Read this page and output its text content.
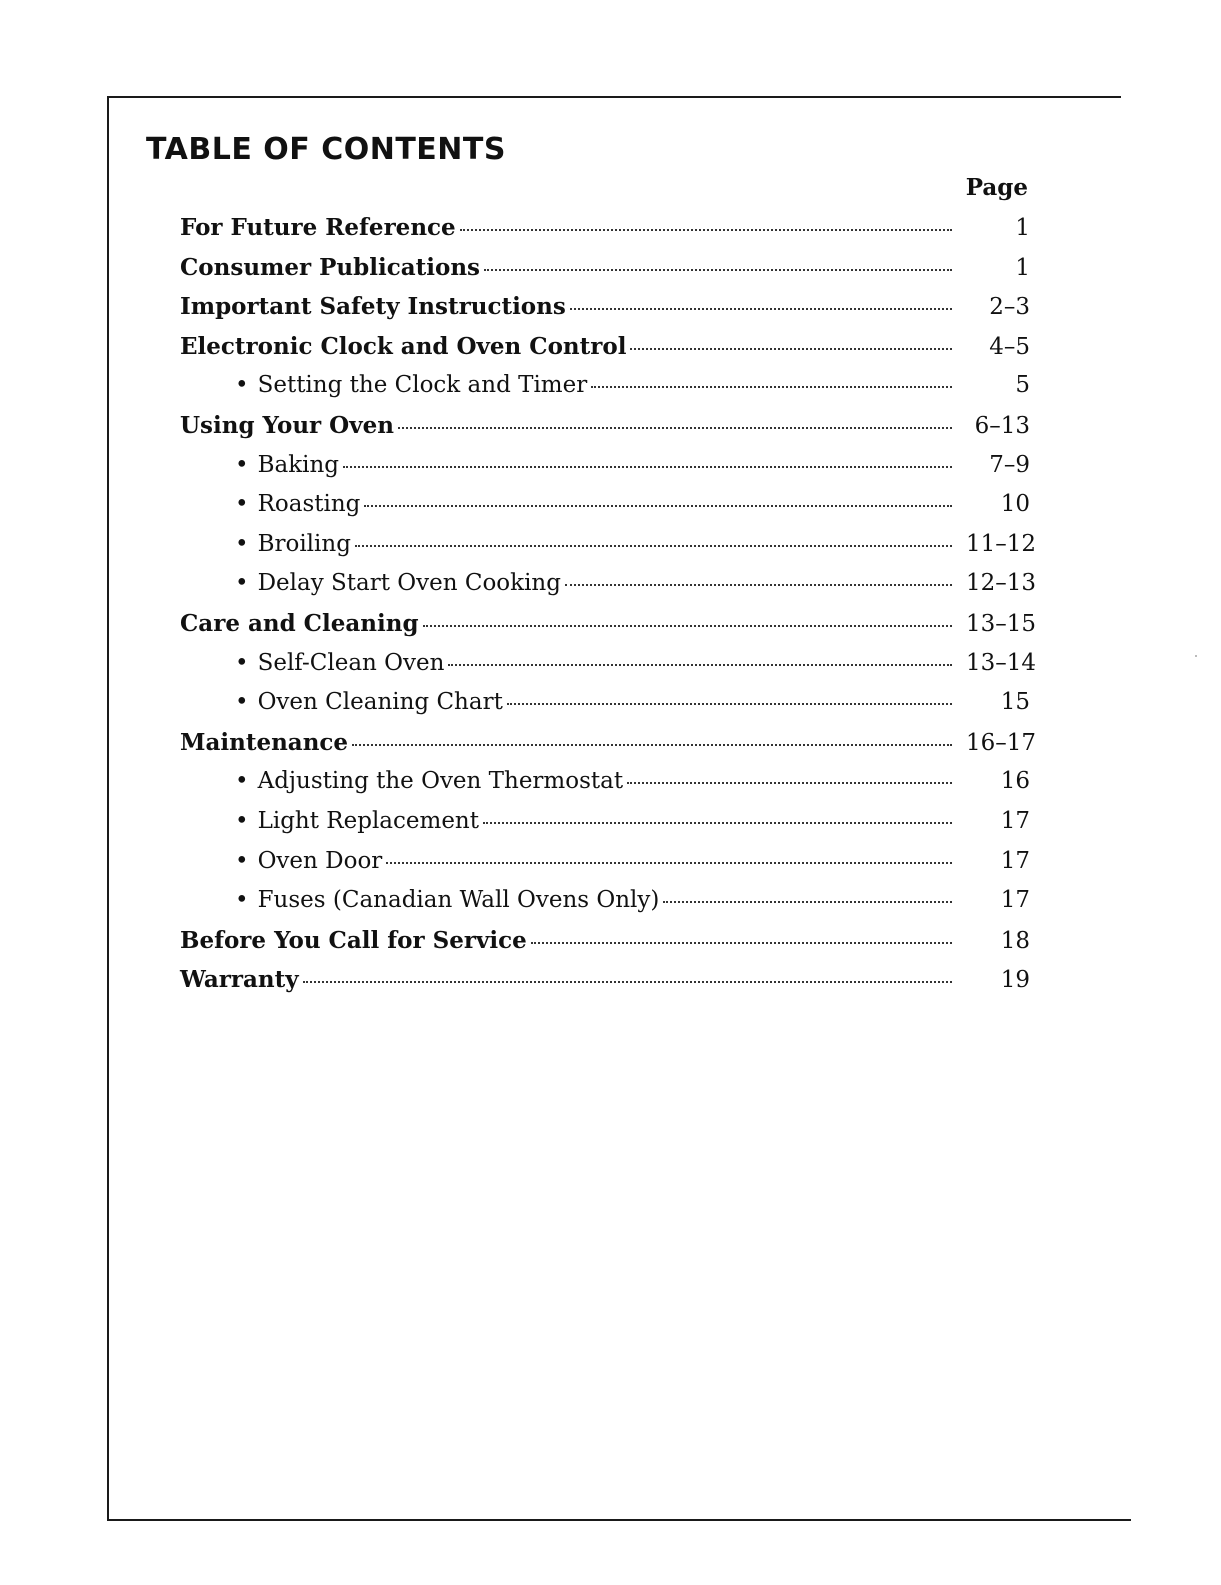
TABLE OF CONTENTS
Page
For Future Reference	1
Consumer Publications	1
Important Safety Instructions	2–3
Electronic Clock and Oven Control	4–5
• Setting the Clock and Timer	5
Using Your Oven	6–13
• Baking	7–9
• Roasting	10
• Broiling	11–12
• Delay Start Oven Cooking	12–13
Care and Cleaning	13–15
• Self-Clean Oven	13–14
• Oven Cleaning Chart	15
Maintenance	16–17
• Adjusting the Oven Thermostat	16
• Light Replacement	17
• Oven Door	17
• Fuses (Canadian Wall Ovens Only)	17
Before You Call for Service	18
Warranty	19
